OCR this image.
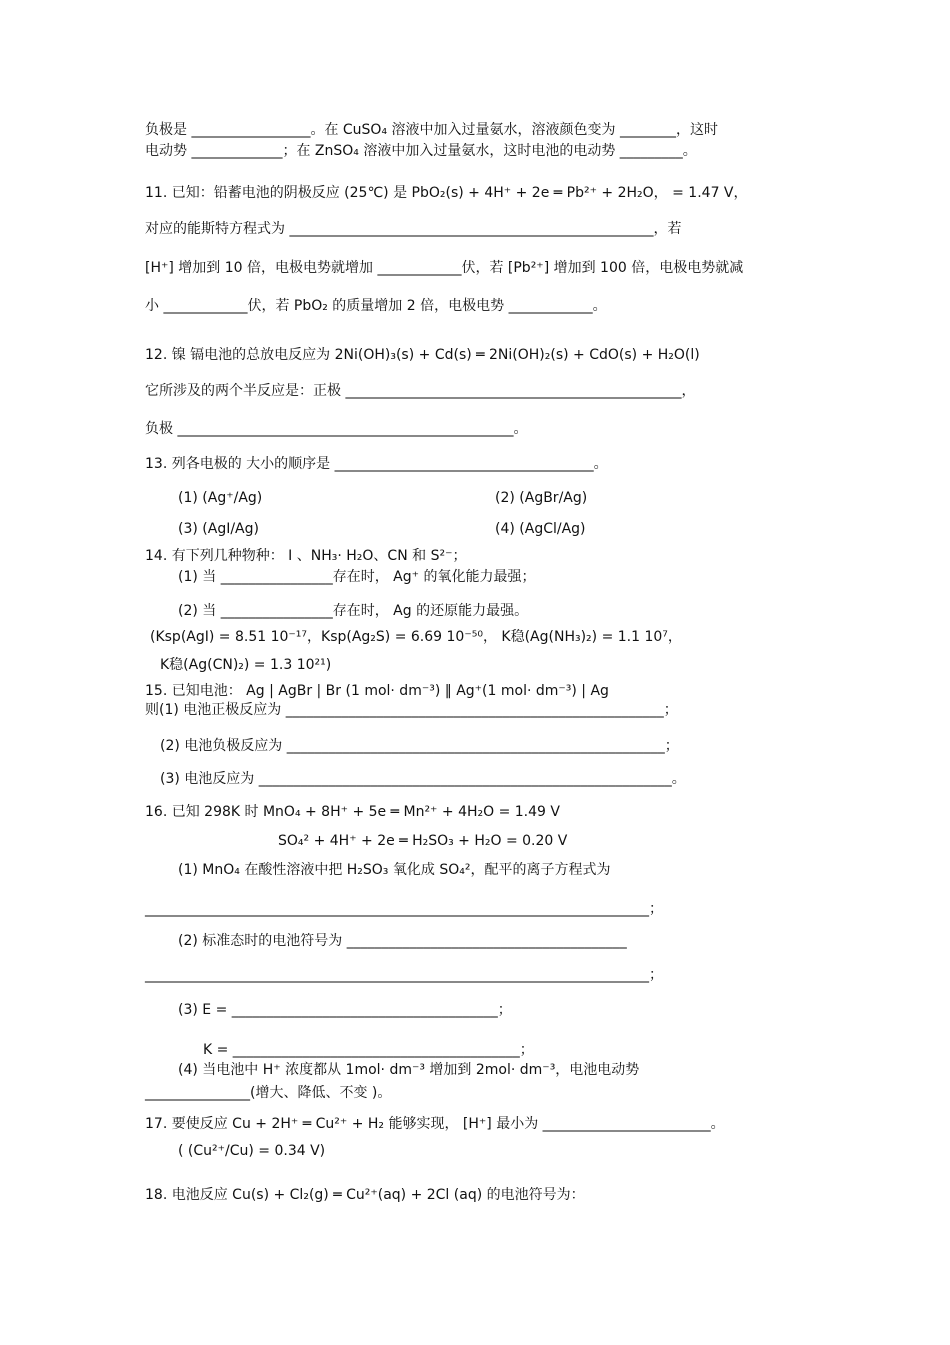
负极是 _________________。在 CuSO₄ 溶液中加入过量氨水，溶液颜色变为 ________，这时
电动势 _____________；在 ZnSO₄ 溶液中加入过量氨水，这时电池的电动势 _________。
11. 已知：铅蓄电池的阴极反应 (25℃) 是 PbO₂(s) + 4H⁺ + 2e ═ Pb²⁺ + 2H₂O， = 1.47 V，
对应的能斯特方程式为 ____________________________________________________，若
[H⁺] 增加到 10 倍，电极电势就增加 ____________伏，若 [Pb²⁺] 增加到 100 倍，电极电势就减
小 ____________伏，若 PbO₂ 的质量增加 2 倍，电极电势 ____________。
12. 镍 镉电池的总放电反应为 2Ni(OH)₃(s) + Cd(s) ═ 2Ni(OH)₂(s) + CdO(s) + H₂O(l)
它所涉及的两个半反应是：正极 ________________________________________________，
负极 ________________________________________________。
13. 列各电极的 大小的顺序是 _____________________________________。
(1) (Ag⁺/Ag)	(2) (AgBr/Ag)
(3) (AgI/Ag)	(4) (AgCl/Ag)
14. 有下列几种物种： I 、NH₃· H₂O、CN 和 S²⁻；
(1) 当 ________________存在时， Ag⁺ 的氧化能力最强；
(2) 当 ________________存在时， Ag 的还原能力最强。
(Ksp(AgI) = 8.51 10⁻¹⁷，Ksp(Ag₂S) = 6.69 10⁻⁵⁰， K稳(Ag(NH₃)₂) = 1.1 10⁷，
K稳(Ag(CN)₂) = 1.3 10²¹)
15. 已知电池： Ag | AgBr | Br (1 mol· dm⁻³) ‖ Ag⁺(1 mol· dm⁻³) | Ag
则(1) 电池正极反应为 ______________________________________________________；
(2) 电池负极反应为 ______________________________________________________；
(3) 电池反应为 ___________________________________________________________。
16. 已知 298K 时 MnO₄ + 8H⁺ + 5e ═ Mn²⁺ + 4H₂O = 1.49 V
SO₄² + 4H⁺ + 2e ═ H₂SO₃ + H₂O = 0.20 V
(1) MnO₄ 在酸性溶液中把 H₂SO₃ 氧化成 SO₄²，配平的离子方程式为
________________________________________________________________________；
(2) 标准态时的电池符号为 ________________________________________
________________________________________________________________________；
(3) E = ______________________________________；
K = _________________________________________；
(4) 当电池中 H⁺ 浓度都从 1mol· dm⁻³ 增加到 2mol· dm⁻³，电池电动势
_______________(增大、降低、不变 )。
17. 要使反应 Cu + 2H⁺ ═ Cu²⁺ + H₂ 能够实现， [H⁺] 最小为 ________________________。
( (Cu²⁺/Cu) = 0.34 V)
18. 电池反应 Cu(s) + Cl₂(g) ═ Cu²⁺(aq) + 2Cl (aq) 的电池符号为：
